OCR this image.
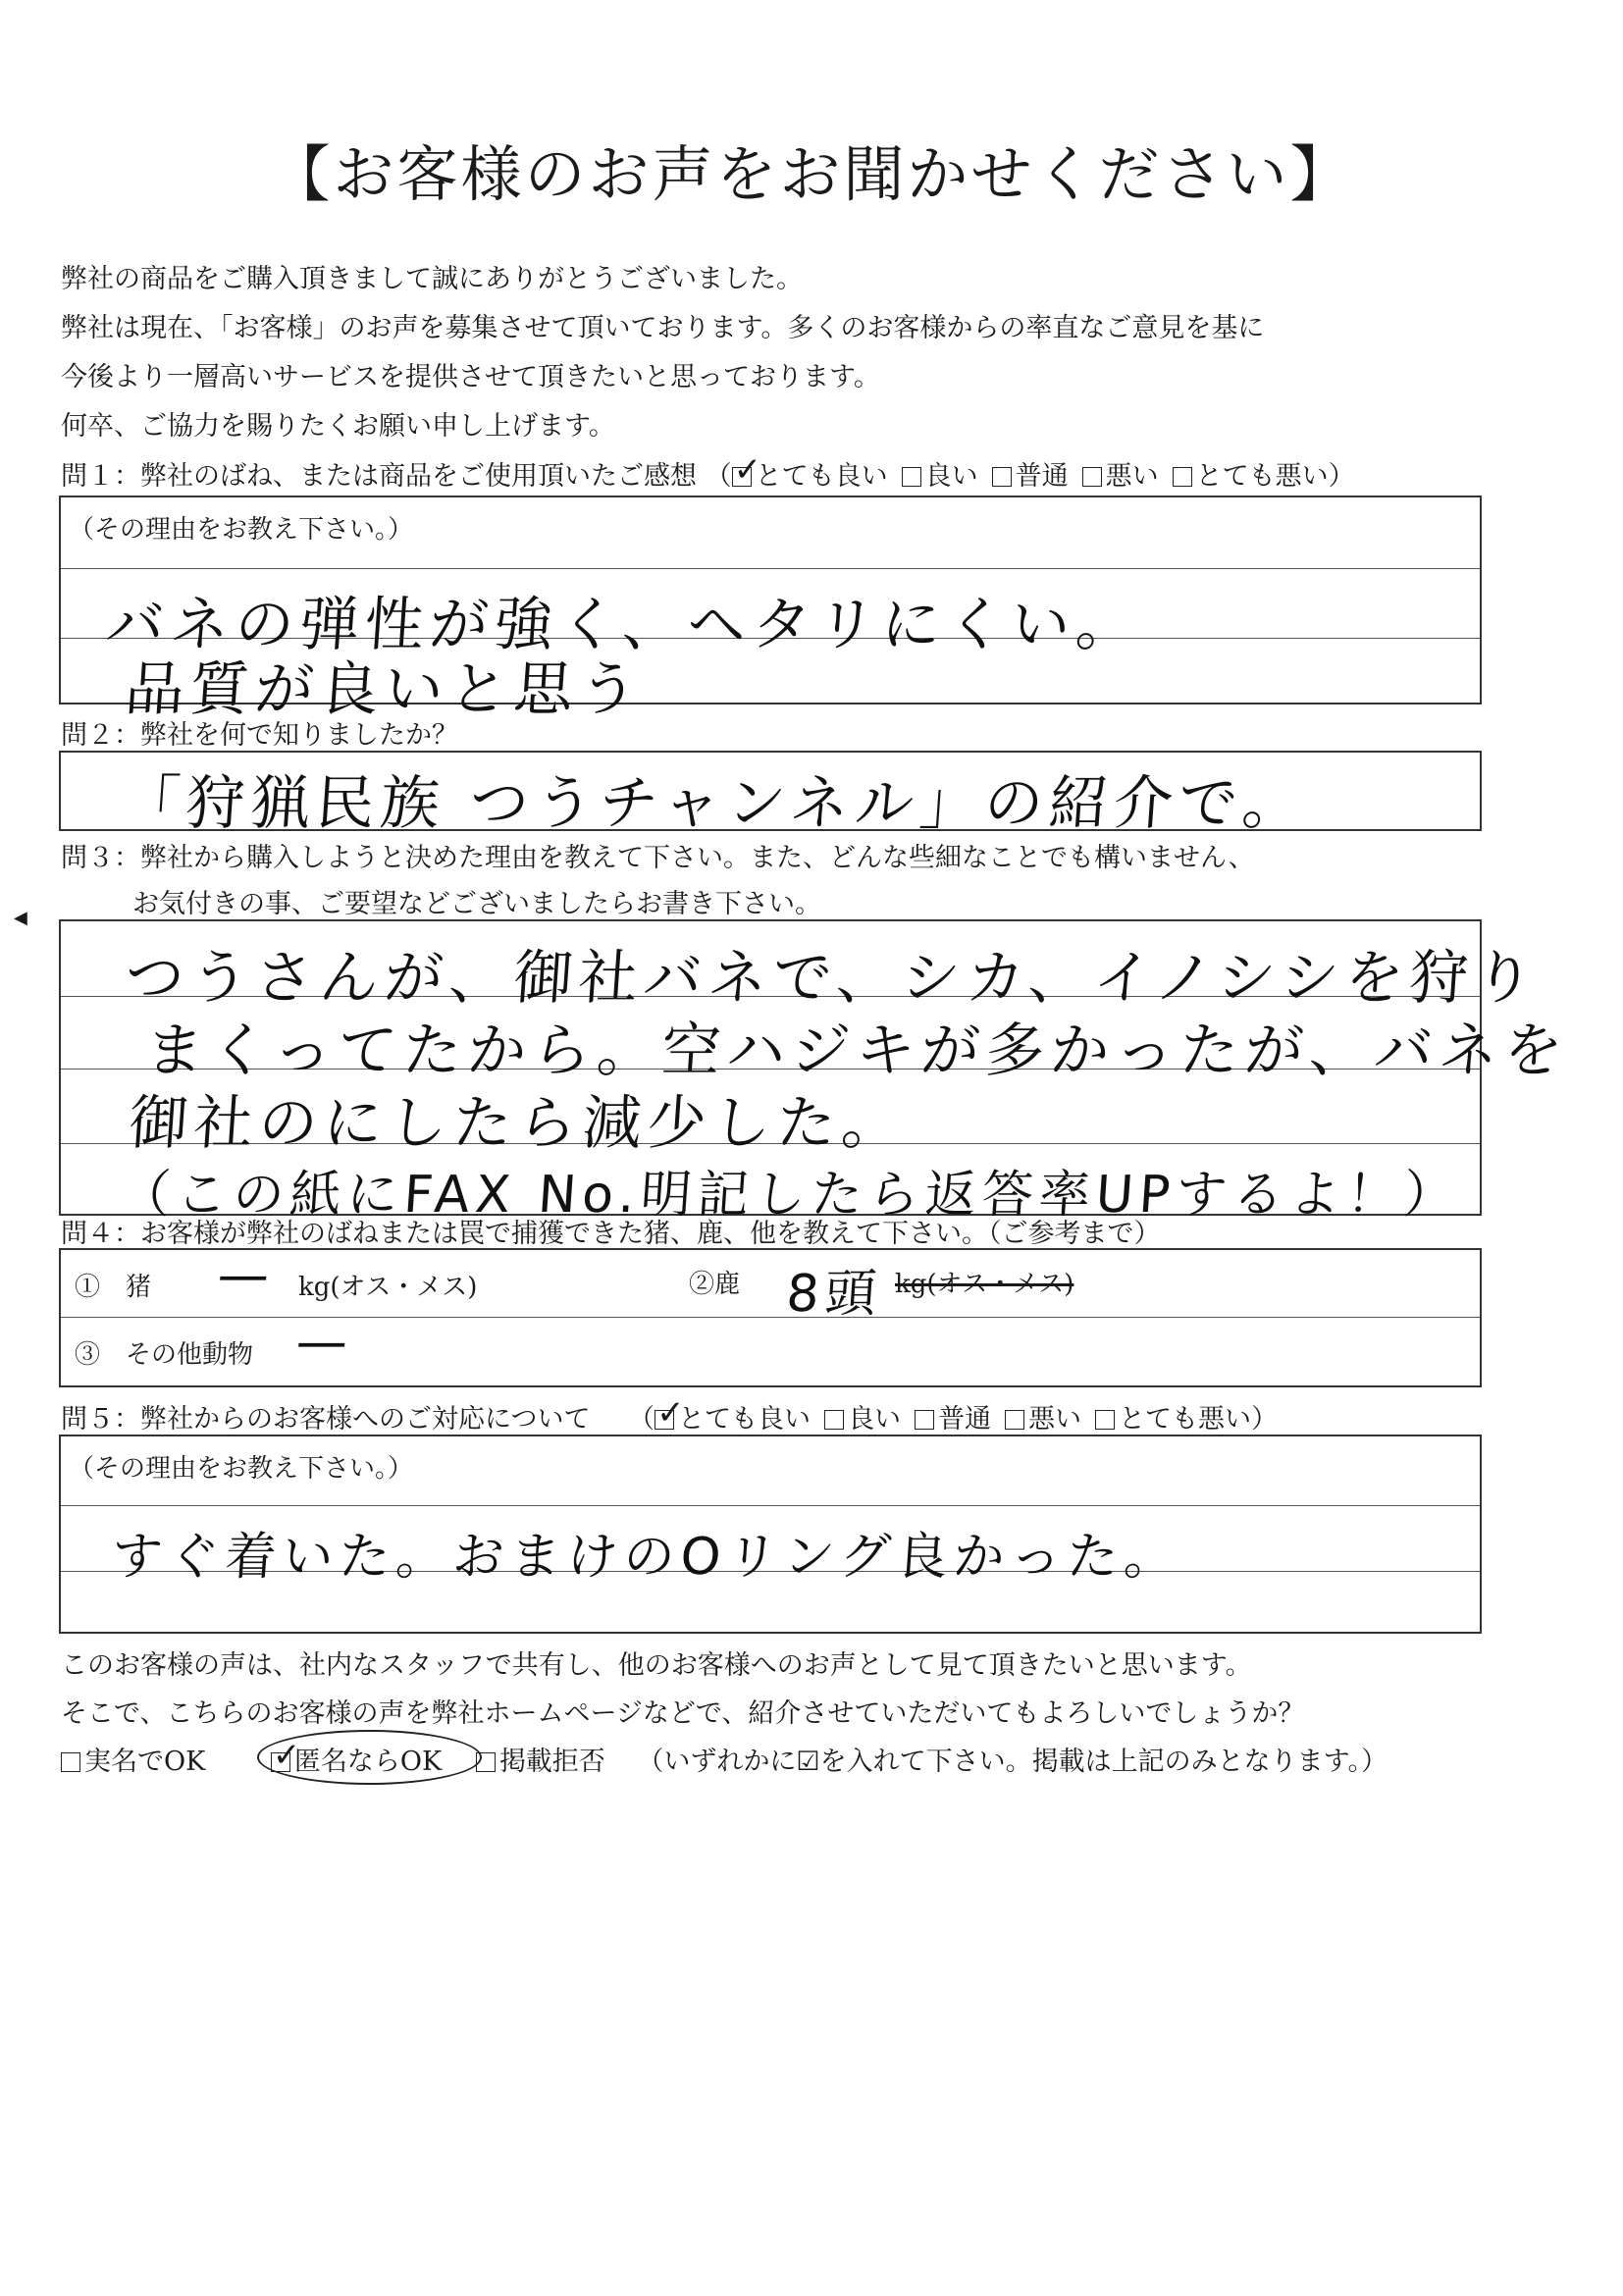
【お客様のお声をお聞かせください】
弊社の商品をご購入頂きまして誠にありがとうございました。
弊社は現在、「お客様」のお声を募集させて頂いております。多くのお客様からの率直なご意見を基に
今後より一層高いサービスを提供させて頂きたいと思っております。
何卒、ご協力を賜りたくお願い申し上げます。
問１：弊社のばね、または商品をご使用頂いたご感想 （ ✓ とても良い 良い 普通 悪い とても悪い）
（その理由をお教え下さい。）
バネの弾性が強く、ヘタリにくい。
品質が良いと思う
問２：弊社を何で知りましたか？
「狩猟民族 つうチャンネル」の紹介で。
問３：弊社から購入しようと決めた理由を教えて下さい。また、どんな些細なことでも構いません、
お気付きの事、ご要望などございましたらお書き下さい。
◀
つうさんが、御社バネで、シカ、イノシシを狩り
まくってたから。空ハジキが多かったが、バネを
御社のにしたら減少した。
（この紙にFAX No.明記したら返答率UPするよ！）
問４：お客様が弊社のばねまたは罠で捕獲できた猪、鹿、他を教えて下さい。（ご参考まで）
①　猪 — kg(オス・メス)	②鹿 8頭 kg(オス・メス)
③　その他動物 —
問５：弊社からのお客様へのご対応について （ ✓ とても良い 良い 普通 悪い とても悪い）
（その理由をお教え下さい。）
すぐ着いた。おまけのOリング良かった。
このお客様の声は、社内なスタッフで共有し、他のお客様へのお声として見て頂きたいと思います。
そこで、こちらのお客様の声を弊社ホームページなどで、紹介させていただいてもよろしいでしょうか？
実名でOK ✓	匿名ならOK 掲載拒否 （いずれかに☑を入れて下さい。掲載は上記のみとなります。）
